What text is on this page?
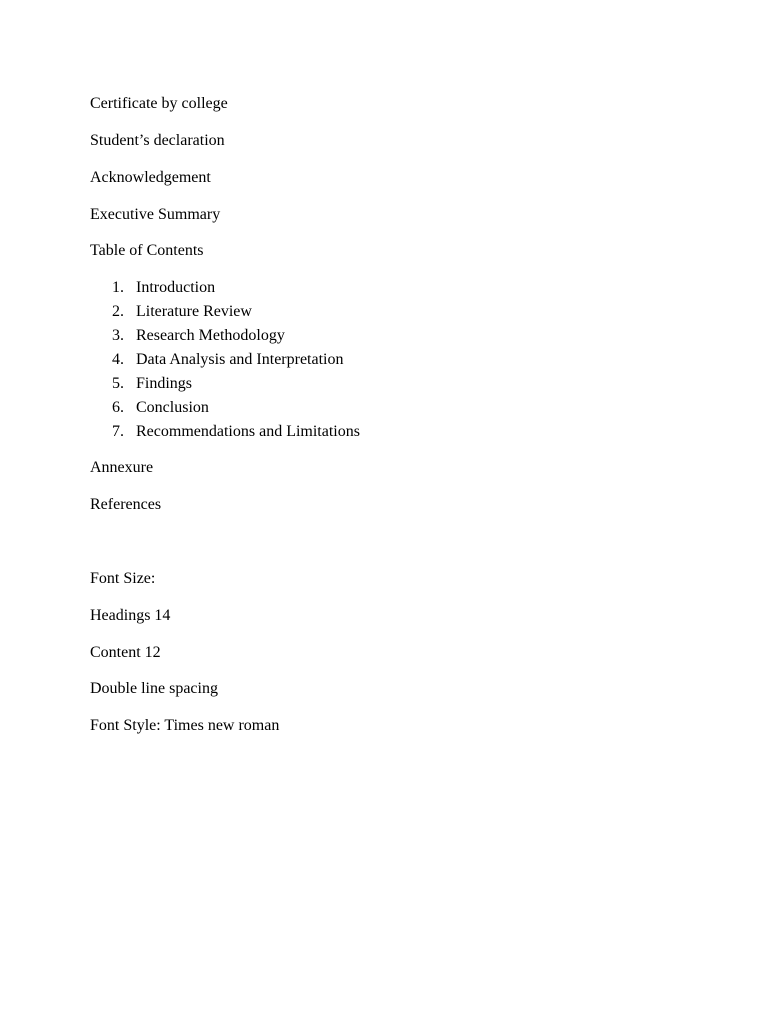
Certificate by college
Student’s declaration
Acknowledgement
Executive Summary
Table of Contents
1. Introduction
2. Literature Review
3. Research Methodology
4. Data Analysis and Interpretation
5. Findings
6. Conclusion
7. Recommendations and Limitations
Annexure
References
Font Size:
Headings 14
Content 12
Double line spacing
Font Style: Times new roman
